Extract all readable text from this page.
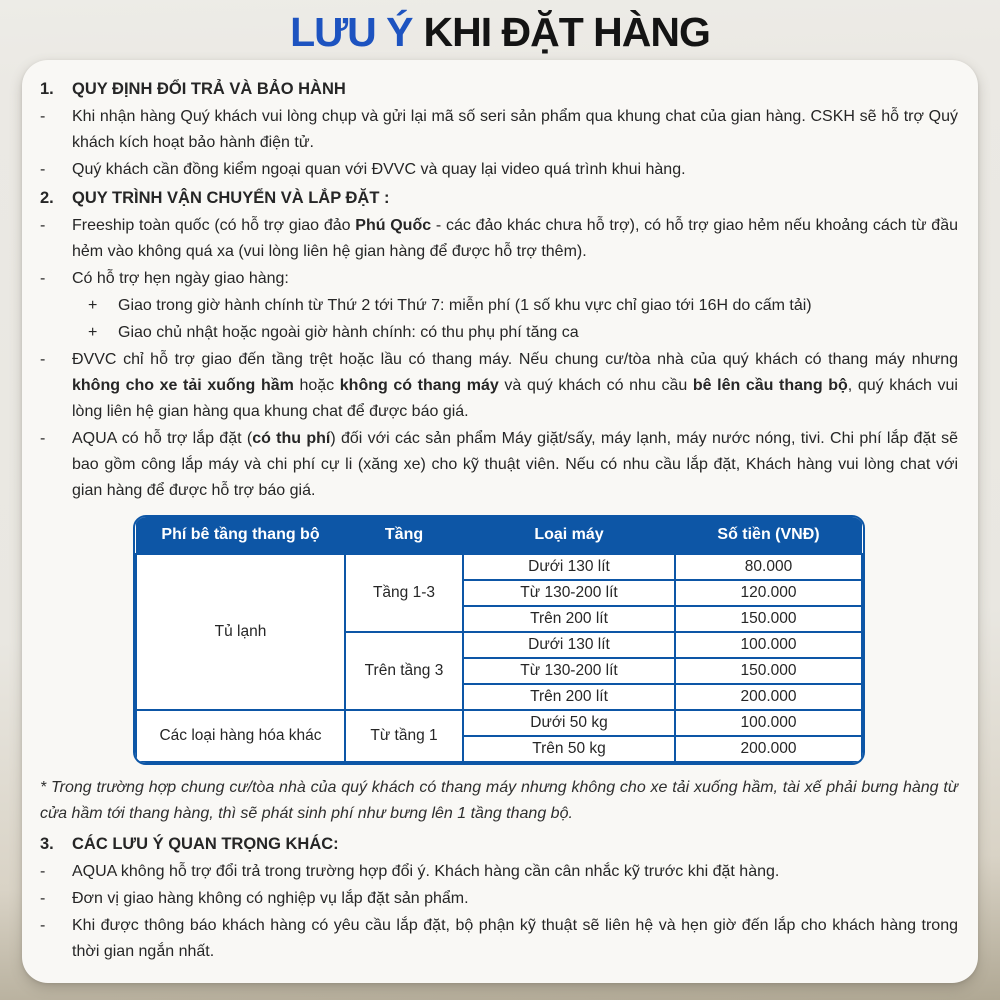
LƯU Ý KHI ĐẶT HÀNG
1.	QUY ĐỊNH ĐỔI TRẢ VÀ BẢO HÀNH
-	Khi nhận hàng Quý khách vui lòng chụp và gửi lại mã số seri sản phẩm qua khung chat của gian hàng. CSKH sẽ hỗ trợ Quý khách kích hoạt bảo hành điện tử.
-	Quý khách cần đồng kiểm ngoại quan với ĐVVC và quay lại video quá trình khui hàng.
2.	QUY TRÌNH VẬN CHUYỂN VÀ LẮP ĐẶT :
-	Freeship toàn quốc (có hỗ trợ giao đảo Phú Quốc - các đảo khác chưa hỗ trợ), có hỗ trợ giao hẻm nếu khoảng cách từ đầu hẻm vào không quá xa (vui lòng liên hệ gian hàng để được hỗ trợ thêm).
-	Có hỗ trợ hẹn ngày giao hàng:
+	Giao trong giờ hành chính từ Thứ 2 tới Thứ 7: miễn phí (1 số khu vực chỉ giao tới 16H do cấm tải)
+	Giao chủ nhật hoặc ngoài giờ hành chính: có thu phụ phí tăng ca
-	ĐVVC chỉ hỗ trợ giao đến tầng trệt hoặc lầu có thang máy. Nếu chung cư/tòa nhà của quý khách có thang máy nhưng không cho xe tải xuống hầm hoặc không có thang máy và quý khách có nhu cầu bê lên cầu thang bộ, quý khách vui lòng liên hệ gian hàng qua khung chat để được báo giá.
-	AQUA có hỗ trợ lắp đặt (có thu phí) đối với các sản phẩm Máy giặt/sấy, máy lạnh, máy nước nóng, tivi. Chi phí lắp đặt sẽ bao gồm công lắp máy và chi phí cự li (xăng xe) cho kỹ thuật viên. Nếu có nhu cầu lắp đặt, Khách hàng vui lòng chat với gian hàng để được hỗ trợ báo giá.
Phí bê tầng thang bộ	Tầng	Loại máy	Số tiền (VNĐ)
Tủ lạnh	Tầng 1-3	Dưới 130 lít	80.000
		Từ 130-200 lít	120.000
		Trên 200 lít	150.000
	Trên tầng 3	Dưới 130 lít	100.000
		Từ 130-200 lít	150.000
		Trên 200 lít	200.000
Các loại hàng hóa khác	Từ tầng 1	Dưới 50 kg	100.000
		Trên 50 kg	200.000

* Trong trường hợp chung cư/tòa nhà của quý khách có thang máy nhưng không cho xe tải xuống hầm, tài xế phải bưng hàng từ cửa hầm tới thang hàng, thì sẽ phát sinh phí như bưng lên 1 tầng thang bộ.

3.	CÁC LƯU Ý QUAN TRỌNG KHÁC:
-	AQUA không hỗ trợ đổi trả trong trường hợp đổi ý. Khách hàng cần cân nhắc kỹ trước khi đặt hàng.
-	Đơn vị giao hàng không có nghiệp vụ lắp đặt sản phẩm.
-	Khi được thông báo khách hàng có yêu cầu lắp đặt, bộ phận kỹ thuật sẽ liên hệ và hẹn giờ đến lắp cho khách hàng trong thời gian ngắn nhất.
